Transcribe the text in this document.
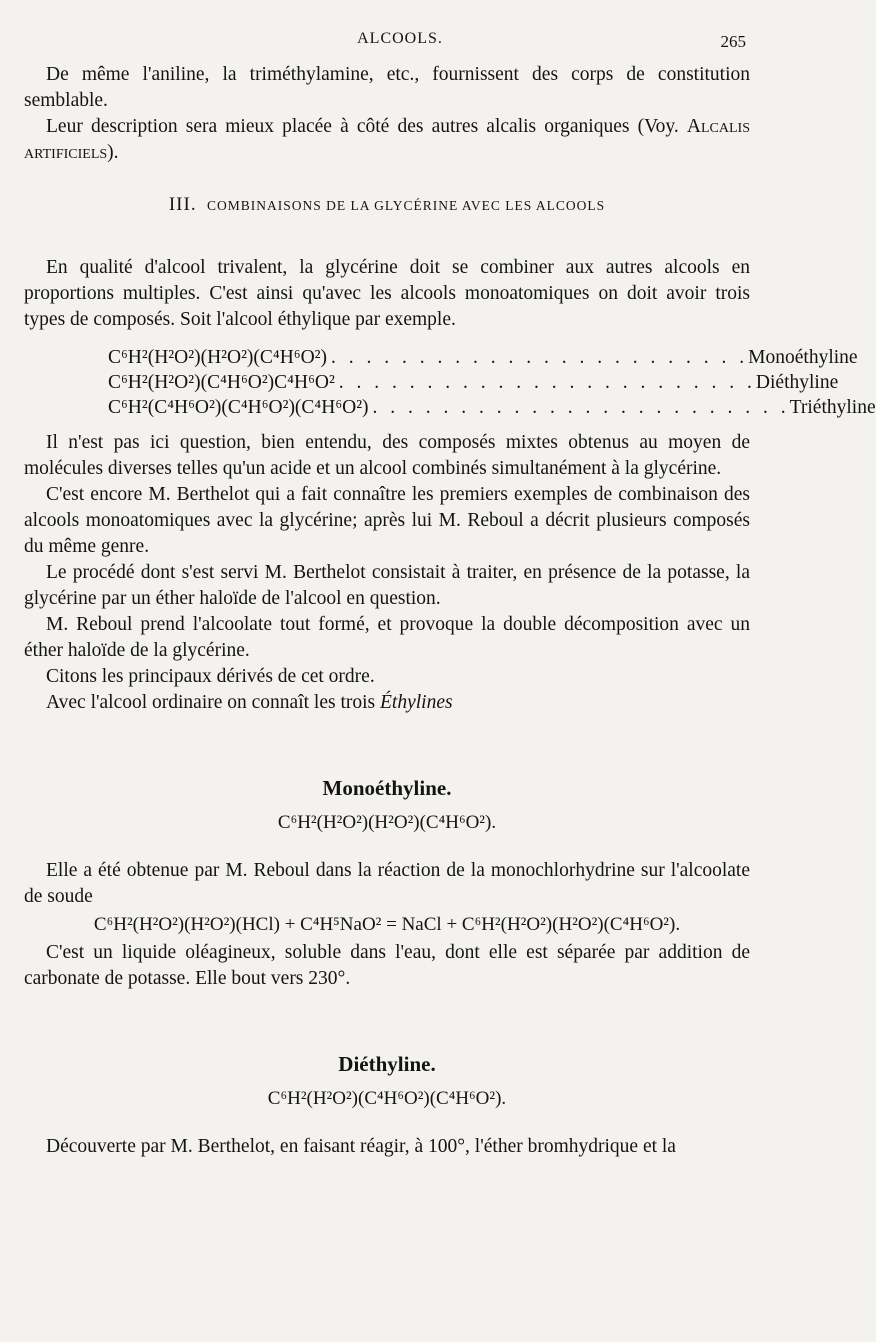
ALCOOLS.	265

De même l'aniline, la triméthylamine, etc., fournissent des corps de constitution semblable.

Leur description sera mieux placée à côté des autres alcalis organiques (Voy. Alcalis artificiels).

III. COMBINAISONS DE LA GLYCÉRINE AVEC LES ALCOOLS

En qualité d'alcool trivalent, la glycérine doit se combiner aux autres alcools en proportions multiples. C'est ainsi qu'avec les alcools monoatomiques on doit avoir trois types de composés. Soit l'alcool éthylique par exemple.

C⁶H²(H²O²)(H²O²)(C⁴H⁶O²) . . . . . . . . . . . . . . . . . . . . . . . . Monoéthyline
C⁶H²(H²O²)(C⁴H⁶O²)C⁴H⁶O² . . . . . . . . . . . . . . . . . . . . . . . . Diéthyline
C⁶H²(C⁴H⁶O²)(C⁴H⁶O²)(C⁴H⁶O²) . . . . . . . . . . . . . . . . . . . . . . . . Triéthyline

Il n'est pas ici question, bien entendu, des composés mixtes obtenus au moyen de molécules diverses telles qu'un acide et un alcool combinés simultanément à la glycérine.

C'est encore M. Berthelot qui a fait connaître les premiers exemples de combinaison des alcools monoatomiques avec la glycérine; après lui M. Reboul a décrit plusieurs composés du même genre.

Le procédé dont s'est servi M. Berthelot consistait à traiter, en présence de la potasse, la glycérine par un éther haloïde de l'alcool en question.

M. Reboul prend l'alcoolate tout formé, et provoque la double décomposition avec un éther haloïde de la glycérine.

Citons les principaux dérivés de cet ordre.

Avec l'alcool ordinaire on connaît les trois Éthylines

Monoéthyline.
C⁶H²(H²O²)(H²O²)(C⁴H⁶O²).

Elle a été obtenue par M. Reboul dans la réaction de la monochlorhydrine sur l'alcoolate de soude

C⁶H²(H²O²)(H²O²)(HCl) + C⁴H⁵NaO² = NaCl + C⁶H²(H²O²)(H²O²)(C⁴H⁶O²).

C'est un liquide oléagineux, soluble dans l'eau, dont elle est séparée par addition de carbonate de potasse. Elle bout vers 230°.

Diéthyline.
C⁶H²(H²O²)(C⁴H⁶O²)(C⁴H⁶O²).

Découverte par M. Berthelot, en faisant réagir, à 100°, l'éther bromhydrique et la
